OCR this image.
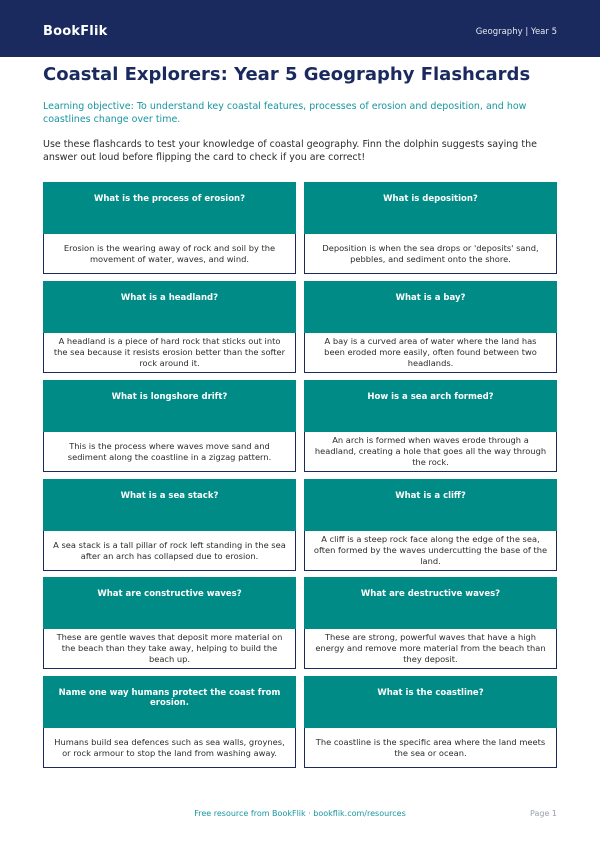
BookFlik	Geography | Year 5
Coastal Explorers: Year 5 Geography Flashcards
Learning objective: To understand key coastal features, processes of erosion and deposition, and how coastlines change over time.
Use these flashcards to test your knowledge of coastal geography. Finn the dolphin suggests saying the answer out loud before flipping the card to check if you are correct!
What is the process of erosion?
Erosion is the wearing away of rock and soil by the movement of water, waves, and wind.
What is deposition?
Deposition is when the sea drops or 'deposits' sand, pebbles, and sediment onto the shore.
What is a headland?
A headland is a piece of hard rock that sticks out into the sea because it resists erosion better than the softer rock around it.
What is a bay?
A bay is a curved area of water where the land has been eroded more easily, often found between two headlands.
What is longshore drift?
This is the process where waves move sand and sediment along the coastline in a zigzag pattern.
How is a sea arch formed?
An arch is formed when waves erode through a headland, creating a hole that goes all the way through the rock.
What is a sea stack?
A sea stack is a tall pillar of rock left standing in the sea after an arch has collapsed due to erosion.
What is a cliff?
A cliff is a steep rock face along the edge of the sea, often formed by the waves undercutting the base of the land.
What are constructive waves?
These are gentle waves that deposit more material on the beach than they take away, helping to build the beach up.
What are destructive waves?
These are strong, powerful waves that have a high energy and remove more material from the beach than they deposit.
Name one way humans protect the coast from erosion.
Humans build sea defences such as sea walls, groynes, or rock armour to stop the land from washing away.
What is the coastline?
The coastline is the specific area where the land meets the sea or ocean.
Free resource from BookFlik · bookflik.com/resources	Page 1
